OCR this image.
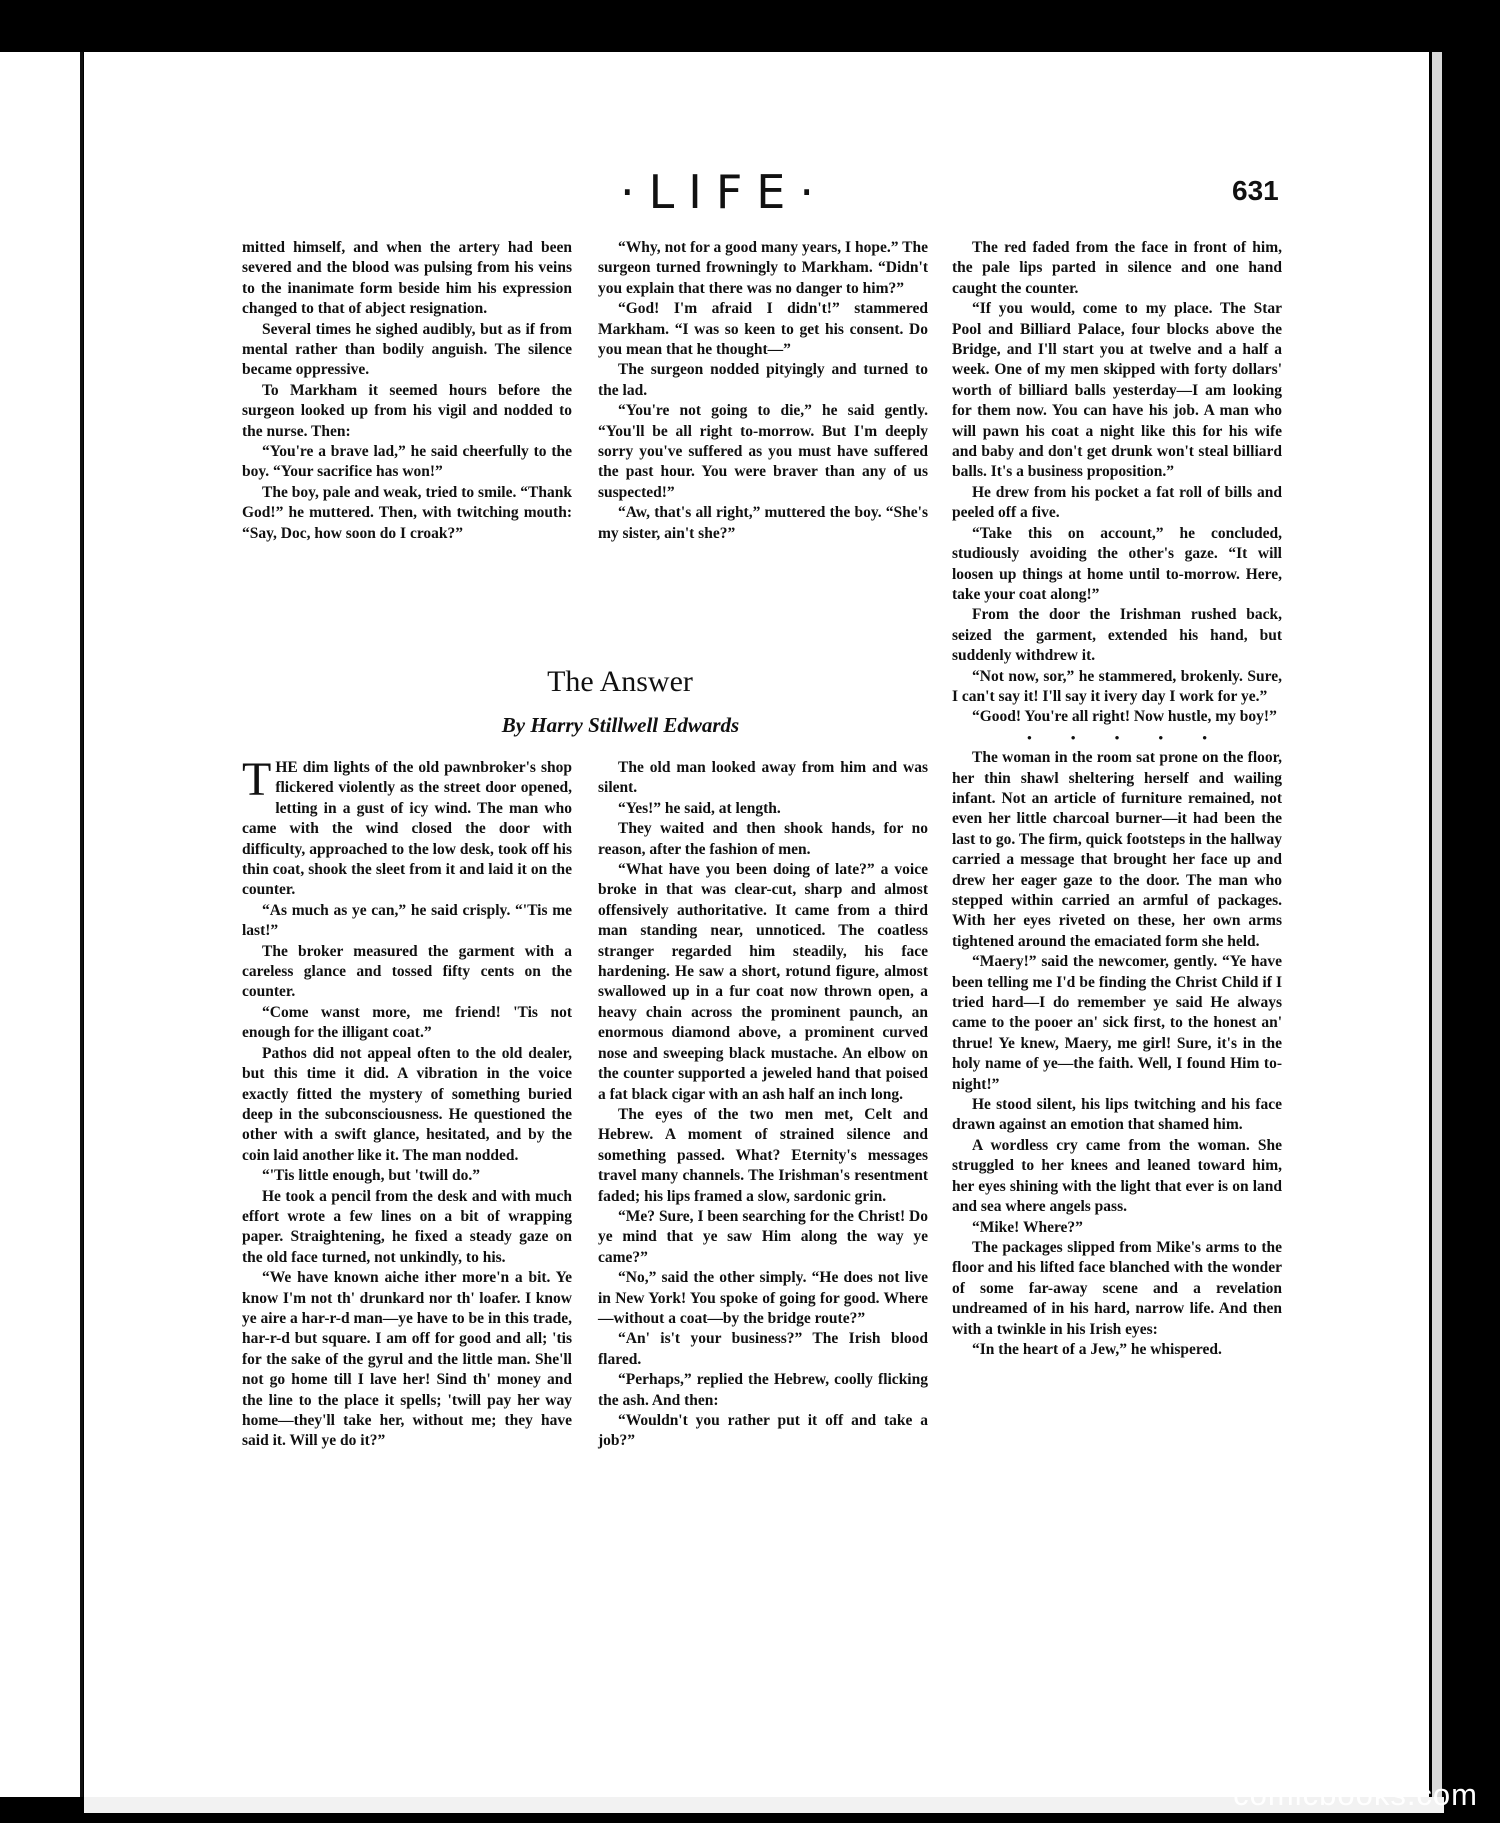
·LIFE·	631

mitted himself, and when the artery had been severed and the blood was pulsing from his veins to the inanimate form beside him his expression changed to that of abject resignation.

Several times he sighed audibly, but as if from mental rather than bodily anguish. The silence became oppressive.

To Markham it seemed hours before the surgeon looked up from his vigil and nodded to the nurse. Then:

“You're a brave lad,” he said cheerfully to the boy. “Your sacrifice has won!”

The boy, pale and weak, tried to smile. “Thank God!” he muttered. Then, with twitching mouth: “Say, Doc, how soon do I croak?”

“Why, not for a good many years, I hope.” The surgeon turned frowningly to Markham. “Didn't you explain that there was no danger to him?”

“God! I'm afraid I didn't!” stammered Markham. “I was so keen to get his consent. Do you mean that he thought—”

The surgeon nodded pityingly and turned to the lad.

“You're not going to die,” he said gently. “You'll be all right to-morrow. But I'm deeply sorry you've suffered as you must have suffered the past hour. You were braver than any of us suspected!”

“Aw, that's all right,” muttered the boy. “She's my sister, ain't she?”

The Answer
By Harry Stillwell Edwards

THE dim lights of the old pawnbroker's shop flickered violently as the street door opened, letting in a gust of icy wind. The man who came with the wind closed the door with difficulty, approached to the low desk, took off his thin coat, shook the sleet from it and laid it on the counter.

“As much as ye can,” he said crisply. “'Tis me last!”

The broker measured the garment with a careless glance and tossed fifty cents on the counter.

“Come wanst more, me friend! 'Tis not enough for the illigant coat.”

Pathos did not appeal often to the old dealer, but this time it did. A vibration in the voice exactly fitted the mystery of something buried deep in the subconsciousness. He questioned the other with a swift glance, hesitated, and by the coin laid another like it. The man nodded.

“'Tis little enough, but 'twill do.”

He took a pencil from the desk and with much effort wrote a few lines on a bit of wrapping paper. Straightening, he fixed a steady gaze on the old face turned, not unkindly, to his.

“We have known aiche ither more'n a bit. Ye know I'm not th' drunkard nor th' loafer. I know ye aire a har-r-d man—ye have to be in this trade, har-r-d but square. I am off for good and all; 'tis for the sake of the gyrul and the little man. She'll not go home till I lave her! Sind th' money and the line to the place it spells; 'twill pay her way home—they'll take her, without me; they have said it. Will ye do it?”

The old man looked away from him and was silent.

“Yes!” he said, at length.

They waited and then shook hands, for no reason, after the fashion of men.

“What have you been doing of late?” a voice broke in that was clear-cut, sharp and almost offensively authoritative. It came from a third man standing near, unnoticed. The coatless stranger regarded him steadily, his face hardening. He saw a short, rotund figure, almost swallowed up in a fur coat now thrown open, a heavy chain across the prominent paunch, an enormous diamond above, a prominent curved nose and sweeping black mustache. An elbow on the counter supported a jeweled hand that poised a fat black cigar with an ash half an inch long.

The eyes of the two men met, Celt and Hebrew. A moment of strained silence and something passed. What? Eternity's messages travel many channels. The Irishman's resentment faded; his lips framed a slow, sardonic grin.

“Me? Sure, I been searching for the Christ! Do ye mind that ye saw Him along the way ye came?”

“No,” said the other simply. “He does not live in New York! You spoke of going for good. Where—without a coat—by the bridge route?”

“An' is't your business?” The Irish blood flared.

“Perhaps,” replied the Hebrew, coolly flicking the ash. And then:

“Wouldn't you rather put it off and take a job?”

The red faded from the face in front of him, the pale lips parted in silence and one hand caught the counter.

“If you would, come to my place. The Star Pool and Billiard Palace, four blocks above the Bridge, and I'll start you at twelve and a half a week. One of my men skipped with forty dollars' worth of billiard balls yesterday—I am looking for them now. You can have his job. A man who will pawn his coat a night like this for his wife and baby and don't get drunk won't steal billiard balls. It's a business proposition.”

He drew from his pocket a fat roll of bills and peeled off a five.

“Take this on account,” he concluded, studiously avoiding the other's gaze. “It will loosen up things at home until to-morrow. Here, take your coat along!”

From the door the Irishman rushed back, seized the garment, extended his hand, but suddenly withdrew it.

“Not now, sor,” he stammered, brokenly. Sure, I can't say it! I'll say it ivery day I work for ye.”

“Good! You're all right! Now hustle, my boy!”

• • • • •

The woman in the room sat prone on the floor, her thin shawl sheltering herself and wailing infant. Not an article of furniture remained, not even her little charcoal burner—it had been the last to go. The firm, quick footsteps in the hallway carried a message that brought her face up and drew her eager gaze to the door. The man who stepped within carried an armful of packages. With her eyes riveted on these, her own arms tightened around the emaciated form she held.

“Maery!” said the newcomer, gently. “Ye have been telling me I'd be finding the Christ Child if I tried hard—I do remember ye said He always came to the pooer an' sick first, to the honest an' thrue! Ye knew, Maery, me girl! Sure, it's in the holy name of ye—the faith. Well, I found Him to-night!”

He stood silent, his lips twitching and his face drawn against an emotion that shamed him.

A wordless cry came from the woman. She struggled to her knees and leaned toward him, her eyes shining with the light that ever is on land and sea where angels pass.

“Mike! Where?”

The packages slipped from Mike's arms to the floor and his lifted face blanched with the wonder of some far-away scene and a revelation undreamed of in his hard, narrow life. And then with a twinkle in his Irish eyes:

“In the heart of a Jew,” he whispered.

comicbooks.com
